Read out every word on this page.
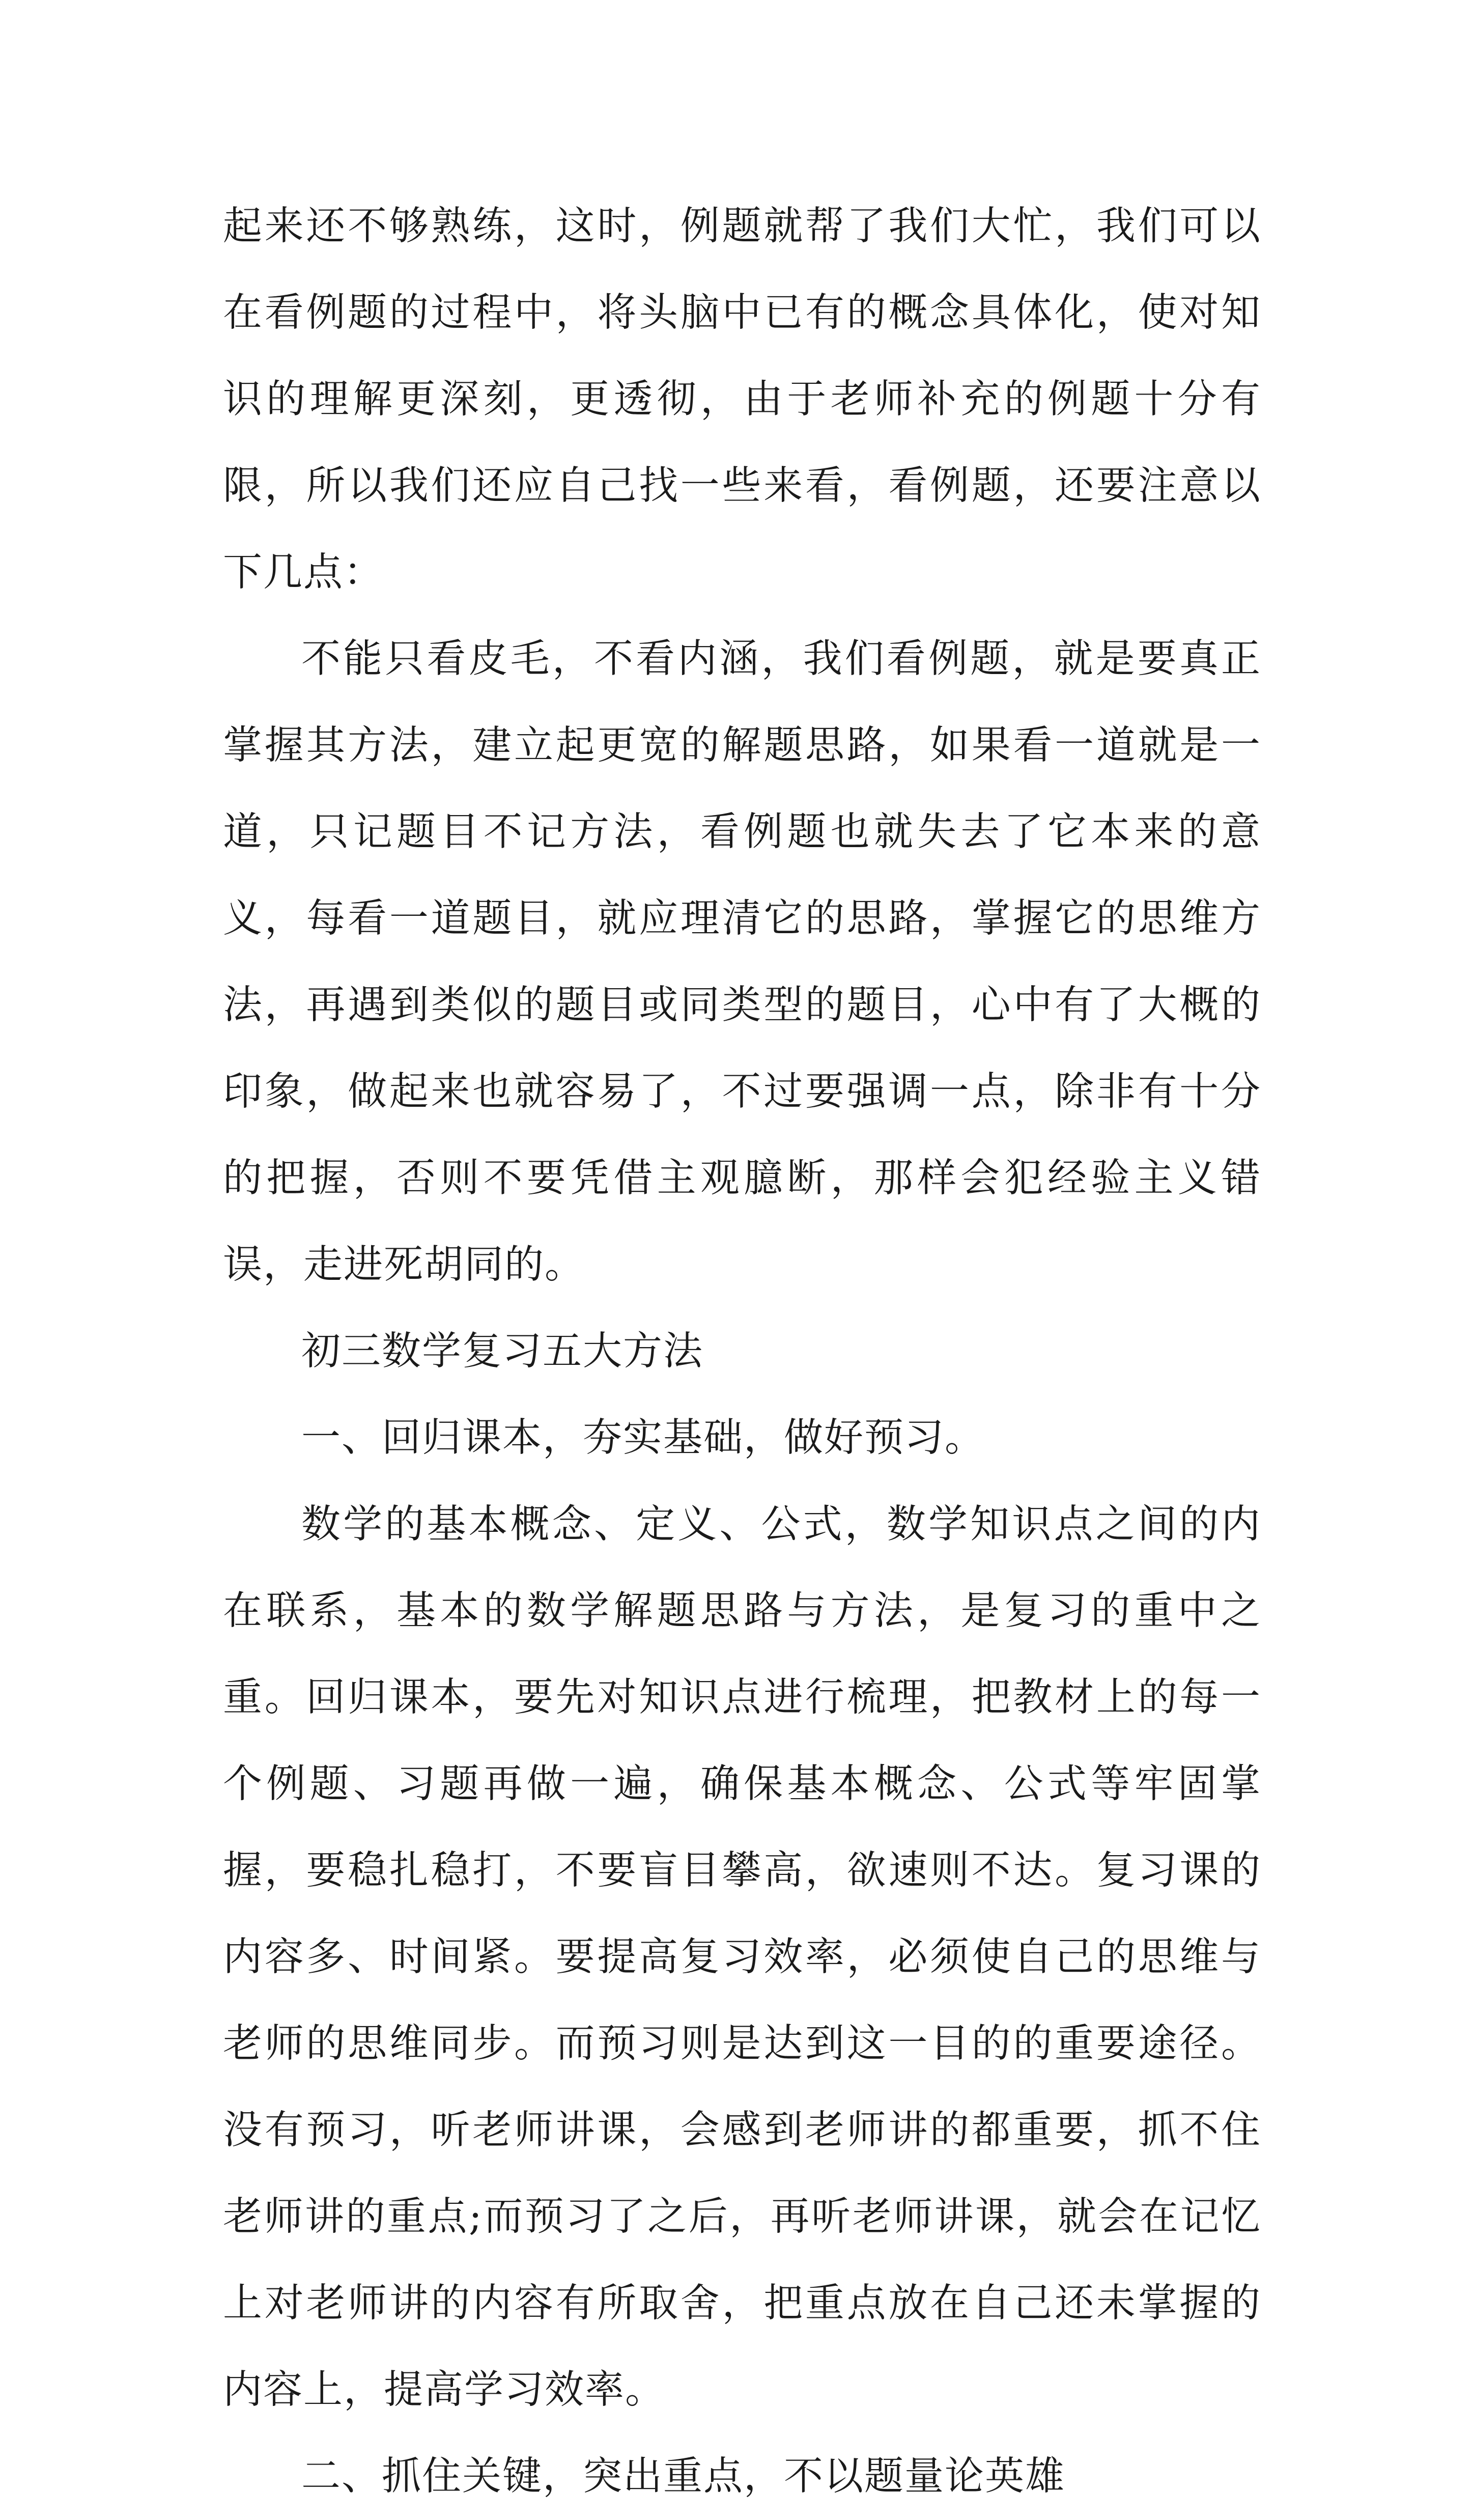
起来还不够熟练，这时，例题就帮了我们大忙，我们可以在看例题的过程中，将头脑中已有的概念具体化，使对知识的理解更深刻，更透彻，由于老师补充的例题十分有限，所以我们还应自己找一些来看，看例题，还要注意以下几点：

不能只看皮毛，不看内涵，我们看例题，就是要真正掌握其方法，建立起更宽的解题思路，如果看一道就是一道，只记题目不记方法，看例题也就失去了它本来的意义，每看一道题目，就应理清它的思路，掌握它的思维方法，再遇到类似的题目或同类型的题目，心中有了大概的印象，做起来也就容易了，不过要强调一点，除非有十分的把握，否则不要凭借主观臆断，那样会犯经验主义错误，走进死胡同的。

初三数学复习五大方法

一、回归课本，夯实基础，做好预习。

数学的基本概念、定义、公式，数学知识点之间的内在联系，基本的数学解题思路与方法，是复习的重中之重。回归课本，要先对知识点进行梳理，把教材上的每一个例题、习题再做一遍，确保基本概念、公式等牢固掌握，要稳扎稳打，不要盲目攀高，欲速则不达。复习课的内容多、时间紧。要提高复习效率，必须使自己的思维与老师的思维同步。而预习则是达到这一目的的重要途径。没有预习，听老师讲课，会感到老师讲的都重要，抓不住老师讲的重点;而预习了之后，再听老师讲课，就会在记忆上对老师讲的内容有所取舍，把重点放在自己还未掌握的内容上，提高学习效率。

二、抓住关键，突出重点，不以题量论英雄
